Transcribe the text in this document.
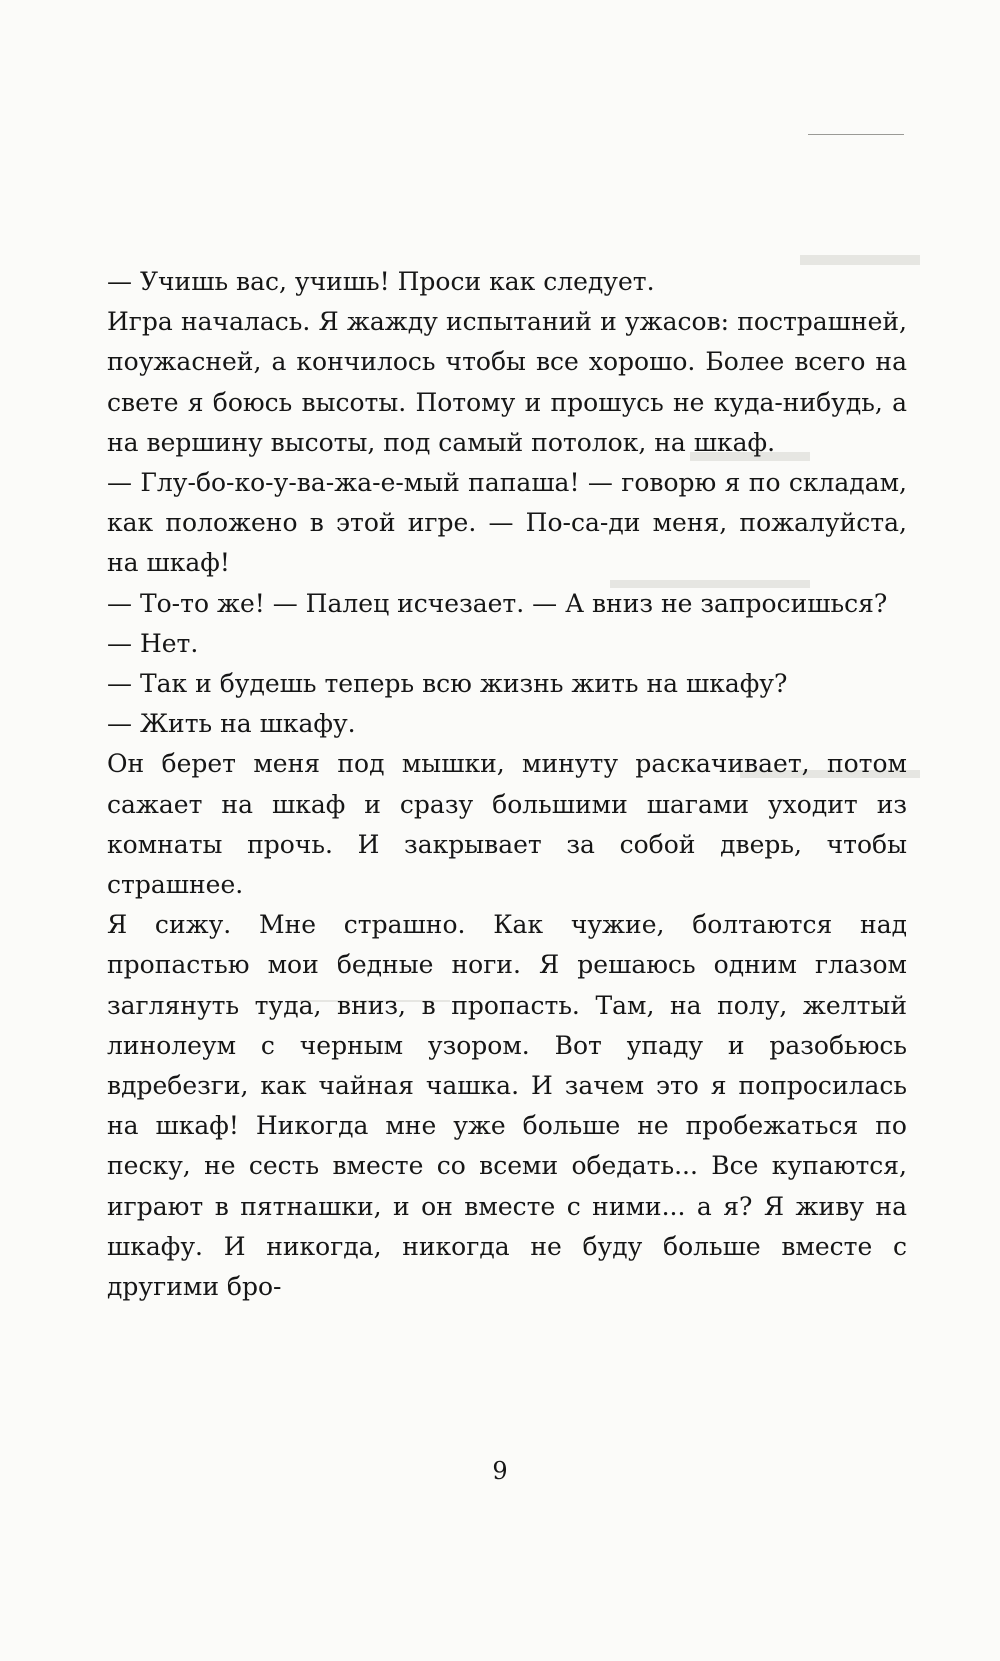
— Учишь вас, учишь! Проси как следует.

Игра началась. Я жажду испытаний и ужасов: пострашней, поужасней, а кончилось чтобы все хорошо. Более всего на свете я боюсь высоты. Потому и прошусь не куда-нибудь, а на вершину высоты, под самый потолок, на шкаф.

— Глу-бо-ко-у-ва-жа-е-мый папаша! — говорю я по складам, как положено в этой игре. — По-са-ди меня, пожалуйста, на шкаф!

— То-то же! — Палец исчезает. — А вниз не запросишься?

— Нет.

— Так и будешь теперь всю жизнь жить на шкафу?

— Жить на шкафу.

Он берет меня под мышки, минуту раскачивает, потом сажает на шкаф и сразу большими шагами уходит из комнаты прочь. И закрывает за собой дверь, чтобы страшнее.

Я сижу. Мне страшно. Как чужие, болтаются над пропастью мои бедные ноги. Я решаюсь одним глазом заглянуть туда, вниз, в пропасть. Там, на полу, желтый линолеум с черным узором. Вот упаду и разобьюсь вдребезги, как чайная чашка. И зачем это я попросилась на шкаф! Никогда мне уже больше не пробежаться по песку, не сесть вместе со всеми обедать... Все купаются, играют в пятнашки, и он вместе с ними... а я? Я живу на шкафу. И никогда, никогда не буду больше вместе с другими бро-

9
